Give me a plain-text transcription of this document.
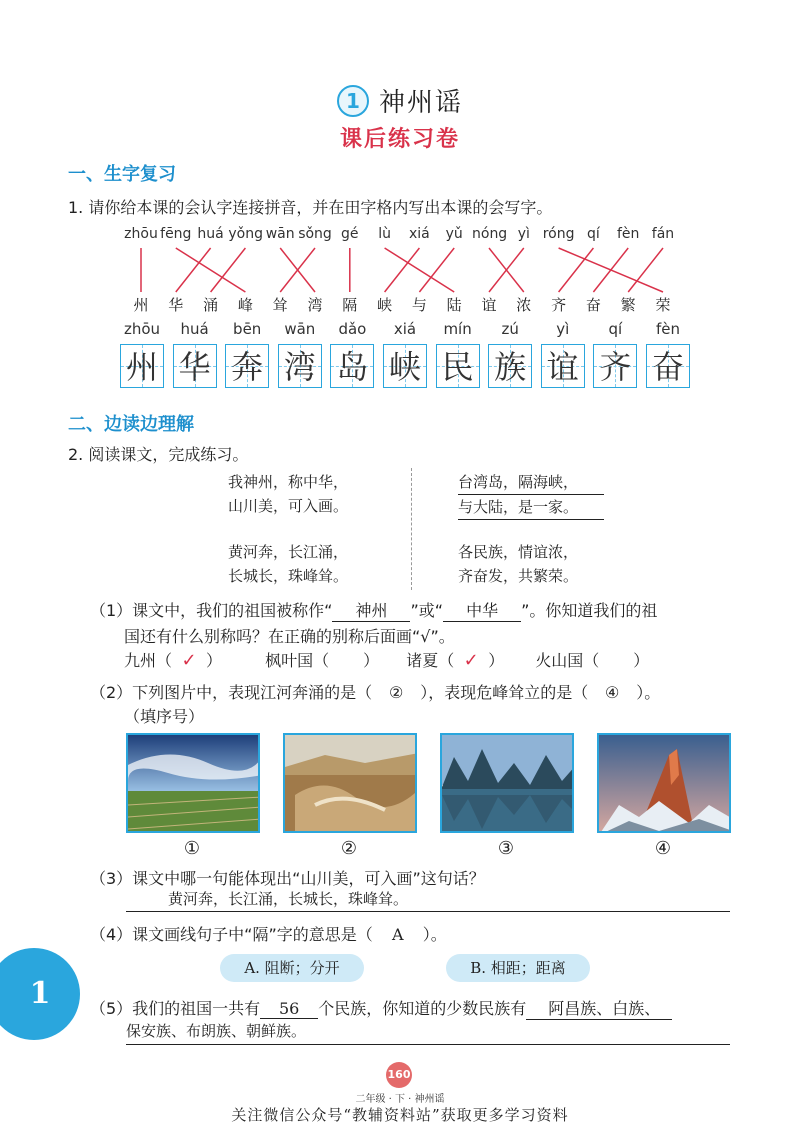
1 神州谣
课后练习卷
一、生字复习
1. 请你给本课的会认字连接拼音，并在田字格内写出本课的会写字。
zhōu fēng huá yǒng wān sǒng gé	lù	xiá	yǔ nóng yì róng qí	fèn fán
州	华	涌	峰	耸	湾	隔	峡	与	陆	谊	浓	齐	奋	繁	荣
zhōu	huá	bēn	wān	dǎo	xiá	mín	zú	yì	qí	fèn
州 华 奔 湾 岛 峡 民 族 谊 齐 奋
二、边读边理解
2. 阅读课文，完成练习。
我神州，称中华，
山川美，可入画。
黄河奔，长江涌，
长城长，珠峰耸。
台湾岛，隔海峡，
与大陆，是一家。
各民族，情谊浓，
齐奋发，共繁荣。
（1）课文中，我们的祖国被称作“ 神州 ”或“ 中华 ”。你知道我们的祖
国还有什么别称吗？在正确的别称后面画“√”。
九州（ ✓ ）	枫叶国（ ） 诸夏（ ✓ ） 火山国（ ）
（2）下列图片中，表现江河奔涌的是（ ② ），表现危峰耸立的是（ ④ ）。
（填序号）
①	②	③	④
（3）课文中哪一句能体现出“山川美，可入画”这句话？
黄河奔，长江涌，长城长，珠峰耸。
（4）课文画线句子中“隔”字的意思是（ A ）。
A. 阻断；分开	B. 相距；距离
（5）我们的祖国一共有 56 个民族，你知道的少数民族有 阿昌族、白族、
保安族、布朗族、朝鲜族。
1
160
二年级 · 下 · 神州谣
关注微信公众号“教辅资料站”获取更多学习资料
